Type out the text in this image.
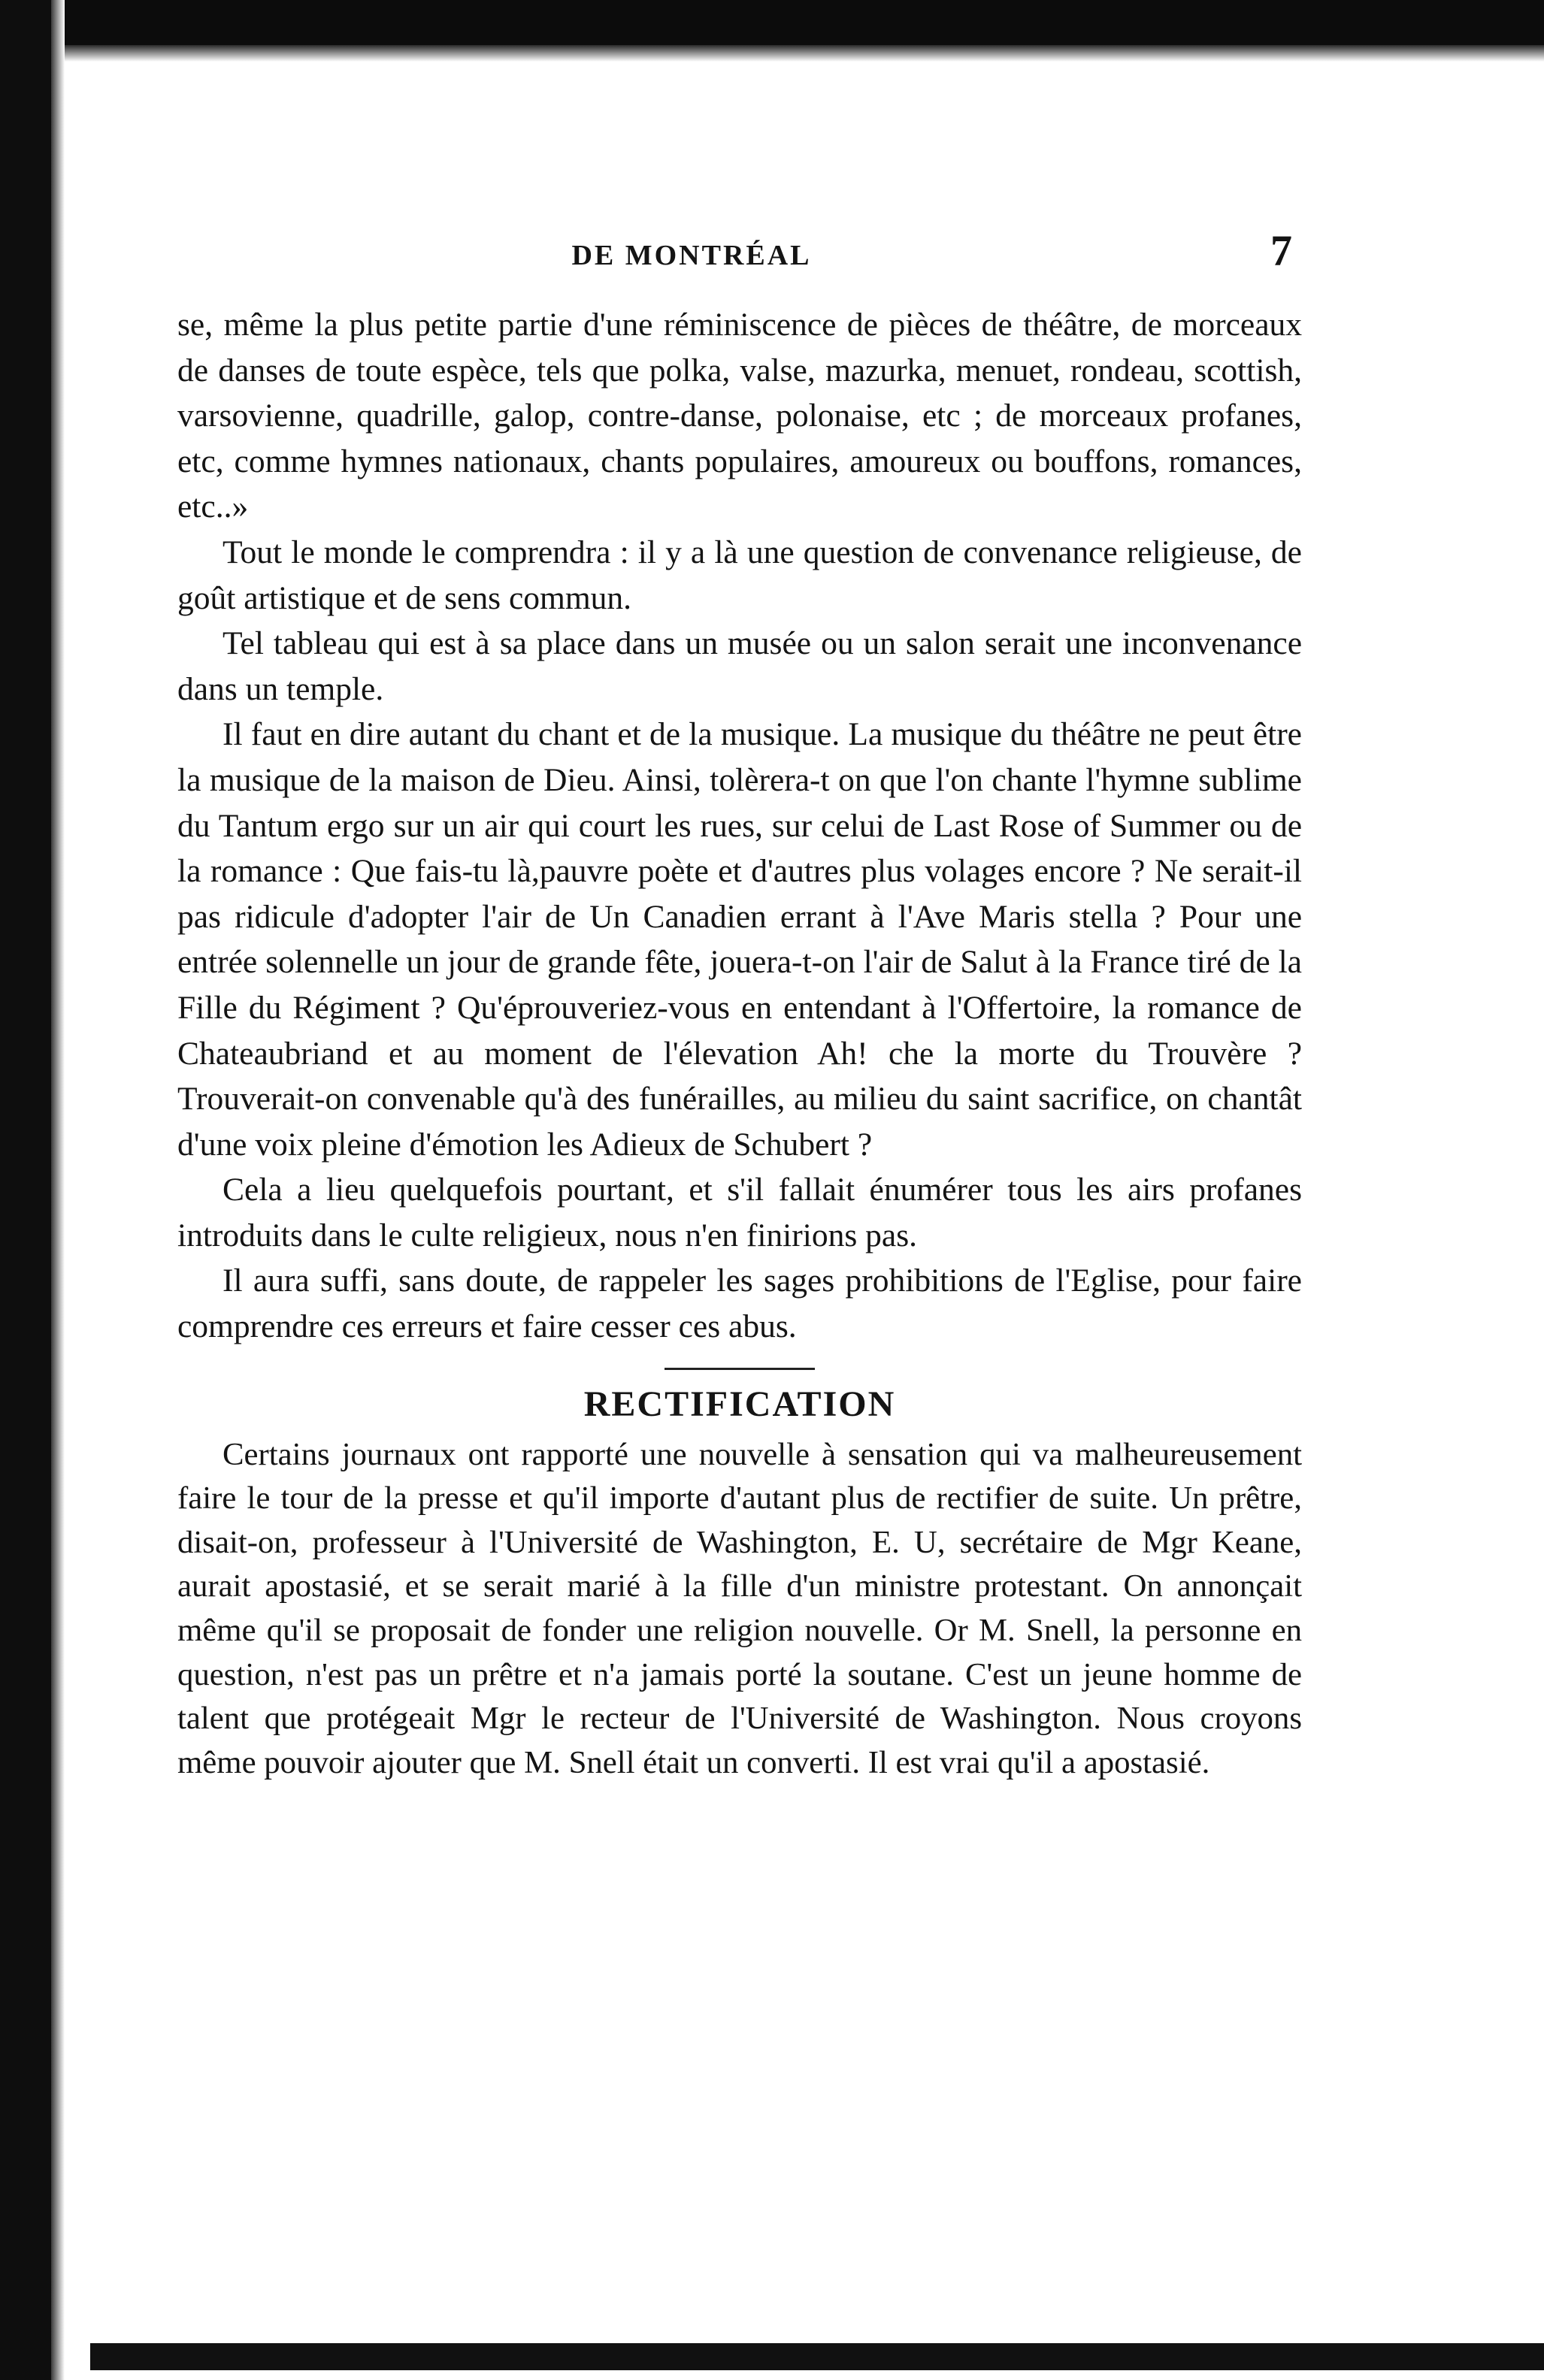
DE MONTRÉAL	7

se, même la plus petite partie d'une réminiscence de pièces de théâtre, de morceaux de danses de toute espèce, tels que polka, valse, mazurka, menuet, rondeau, scottish, varsovienne, quadrille, galop, contre-danse, polonaise, etc ; de morceaux profanes, etc, comme hymnes nationaux, chants populaires, amoureux ou bouffons, romances, etc..»

Tout le monde le comprendra : il y a là une question de convenance religieuse, de goût artistique et de sens commun.

Tel tableau qui est à sa place dans un musée ou un salon serait une inconvenance dans un temple.

Il faut en dire autant du chant et de la musique. La musique du théâtre ne peut être la musique de la maison de Dieu. Ainsi, tolèrera-t on que l'on chante l'hymne sublime du Tantum ergo sur un air qui court les rues, sur celui de Last Rose of Summer ou de la romance : Que fais-tu là,pauvre poète et d'autres plus volages encore ? Ne serait-il pas ridicule d'adopter l'air de Un Canadien errant à l'Ave Maris stella ? Pour une entrée solennelle un jour de grande fête, jouera-t-on l'air de Salut à la France tiré de la Fille du Régiment ? Qu'éprouveriez-vous en entendant à l'Offertoire, la romance de Chateaubriand et au moment de l'élevation Ah! che la morte du Trouvère ? Trouverait-on convenable qu'à des funérailles, au milieu du saint sacrifice, on chantât d'une voix pleine d'émotion les Adieux de Schubert ?

Cela a lieu quelquefois pourtant, et s'il fallait énumérer tous les airs profanes introduits dans le culte religieux, nous n'en finirions pas.

Il aura suffi, sans doute, de rappeler les sages prohibitions de l'Eglise, pour faire comprendre ces erreurs et faire cesser ces abus.

RECTIFICATION

Certains journaux ont rapporté une nouvelle à sensation qui va malheureusement faire le tour de la presse et qu'il importe d'autant plus de rectifier de suite. Un prêtre, disait-on, professeur à l'Université de Washington, E. U, secrétaire de Mgr Keane, aurait apostasié, et se serait marié à la fille d'un ministre protestant. On annonçait même qu'il se proposait de fonder une religion nouvelle. Or M. Snell, la personne en question, n'est pas un prêtre et n'a jamais porté la soutane. C'est un jeune homme de talent que protégeait Mgr le recteur de l'Université de Washington. Nous croyons même pouvoir ajouter que M. Snell était un converti. Il est vrai qu'il a apostasié.
